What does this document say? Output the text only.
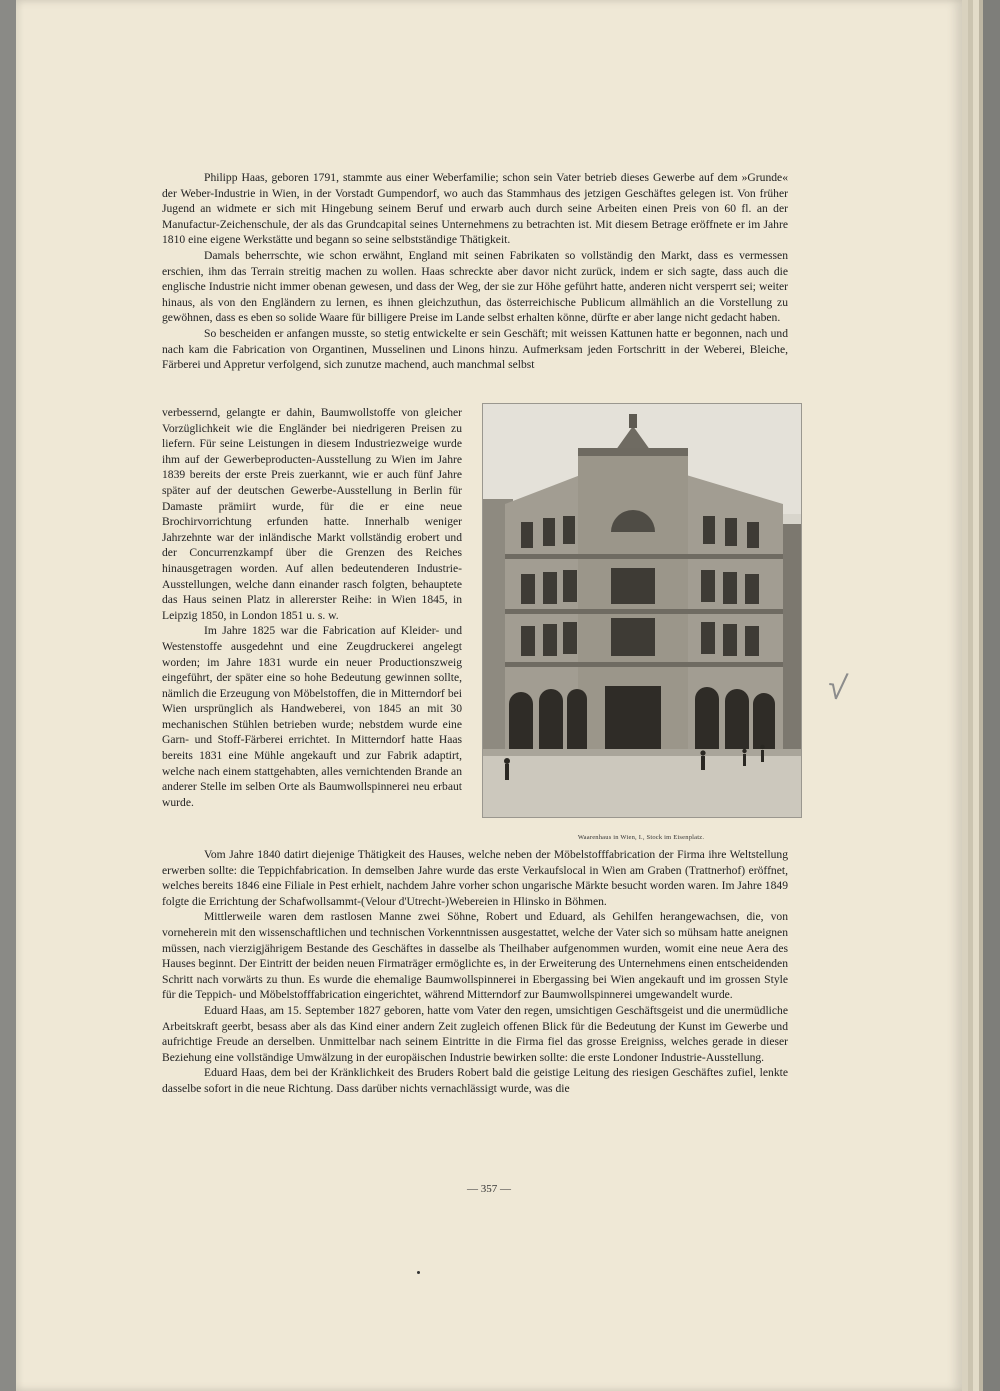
Philipp Haas, geboren 1791, stammte aus einer Weberfamilie; schon sein Vater betrieb dieses Gewerbe auf dem »Grunde« der Weber-Industrie in Wien, in der Vorstadt Gumpendorf, wo auch das Stammhaus des jetzigen Geschäftes gelegen ist. Von früher Jugend an widmete er sich mit Hingebung seinem Beruf und erwarb auch durch seine Arbeiten einen Preis von 60 fl. an der Manufactur-Zeichenschule, der als das Grundcapital seines Unternehmens zu betrachten ist. Mit diesem Betrage eröffnete er im Jahre 1810 eine eigene Werkstätte und begann so seine selbstständige Thätigkeit.

Damals beherrschte, wie schon erwähnt, England mit seinen Fabrikaten so vollständig den Markt, dass es vermessen erschien, ihm das Terrain streitig machen zu wollen. Haas schreckte aber davor nicht zurück, indem er sich sagte, dass auch die englische Industrie nicht immer obenan gewesen, und dass der Weg, der sie zur Höhe geführt hatte, anderen nicht versperrt sei; weiter hinaus, als von den Engländern zu lernen, es ihnen gleichzuthun, das österreichische Publicum allmählich an die Vorstellung zu gewöhnen, dass es eben so solide Waare für billigere Preise im Lande selbst erhalten könne, dürfte er aber lange nicht gedacht haben.

So bescheiden er anfangen musste, so stetig entwickelte er sein Geschäft; mit weissen Kattunen hatte er begonnen, nach und nach kam die Fabrication von Organtinen, Musselinen und Linons hinzu. Aufmerksam jeden Fortschritt in der Weberei, Bleiche, Färberei und Appretur verfolgend, sich zunutze machend, auch manchmal selbst

verbessernd, gelangte er dahin, Baumwollstoffe von gleicher Vorzüglichkeit wie die Engländer bei niedrigeren Preisen zu liefern. Für seine Leistungen in diesem Industriezweige wurde ihm auf der Gewerbeproducten-Ausstellung zu Wien im Jahre 1839 bereits der erste Preis zuerkannt, wie er auch fünf Jahre später auf der deutschen Gewerbe-Ausstellung in Berlin für Damaste prämiirt wurde, für die er eine neue Brochirvorrichtung erfunden hatte. Innerhalb weniger Jahrzehnte war der inländische Markt vollständig erobert und der Concurrenzkampf über die Grenzen des Reiches hinausgetragen worden. Auf allen bedeutenderen Industrie-Ausstellungen, welche dann einander rasch folgten, behauptete das Haus seinen Platz in allererster Reihe: in Wien 1845, in Leipzig 1850, in London 1851 u. s. w.

Im Jahre 1825 war die Fabrication auf Kleider- und Westenstoffe ausgedehnt und eine Zeugdruckerei angelegt worden; im Jahre 1831 wurde ein neuer Productionszweig eingeführt, der später eine so hohe Bedeutung gewinnen sollte, nämlich die Erzeugung von Möbelstoffen, die in Mitterndorf bei Wien ursprünglich als Handweberei, von 1845 an mit 30 mechanischen Stühlen betrieben wurde; nebstdem wurde eine Garn- und Stoff-Färberei errichtet. In Mitterndorf hatte Haas bereits 1831 eine Mühle angekauft und zur Fabrik adaptirt, welche nach einem stattgehabten, alles vernichtenden Brande an anderer Stelle im selben Orte als Baumwollspinnerei neu erbaut wurde.

Waarenhaus in Wien, I., Stock im Eisenplatz.

Vom Jahre 1840 datirt diejenige Thätigkeit des Hauses, welche neben der Möbelstofffabrication der Firma ihre Weltstellung erwerben sollte: die Teppichfabrication. In demselben Jahre wurde das erste Verkaufslocal in Wien am Graben (Trattnerhof) eröffnet, welches bereits 1846 eine Filiale in Pest erhielt, nachdem Jahre vorher schon ungarische Märkte besucht worden waren. Im Jahre 1849 folgte die Errichtung der Schafwollsammt-(Velour d'Utrecht-)Webereien in Hlinsko in Böhmen.

Mittlerweile waren dem rastlosen Manne zwei Söhne, Robert und Eduard, als Gehilfen herangewachsen, die, von vorneherein mit den wissenschaftlichen und technischen Vorkenntnissen ausgestattet, welche der Vater sich so mühsam hatte aneignen müssen, nach vierzigjährigem Bestande des Geschäftes in dasselbe als Theilhaber aufgenommen wurden, womit eine neue Aera des Hauses beginnt. Der Eintritt der beiden neuen Firmaträger ermöglichte es, in der Erweiterung des Unternehmens einen entscheidenden Schritt nach vorwärts zu thun. Es wurde die ehemalige Baumwollspinnerei in Ebergassing bei Wien angekauft und im grossen Style für die Teppich- und Möbelstofffabrication eingerichtet, während Mitterndorf zur Baumwollspinnerei umgewandelt wurde.

Eduard Haas, am 15. September 1827 geboren, hatte vom Vater den regen, umsichtigen Geschäftsgeist und die unermüdliche Arbeitskraft geerbt, besass aber als das Kind einer andern Zeit zugleich offenen Blick für die Bedeutung der Kunst im Gewerbe und aufrichtige Freude an derselben. Unmittelbar nach seinem Eintritte in die Firma fiel das grosse Ereigniss, welches gerade in dieser Beziehung eine vollständige Umwälzung in der europäischen Industrie bewirken sollte: die erste Londoner Industrie-Ausstellung.

Eduard Haas, dem bei der Kränklichkeit des Bruders Robert bald die geistige Leitung des riesigen Geschäftes zufiel, lenkte dasselbe sofort in die neue Richtung. Dass darüber nichts vernachlässigt wurde, was die

√
— 357 —
